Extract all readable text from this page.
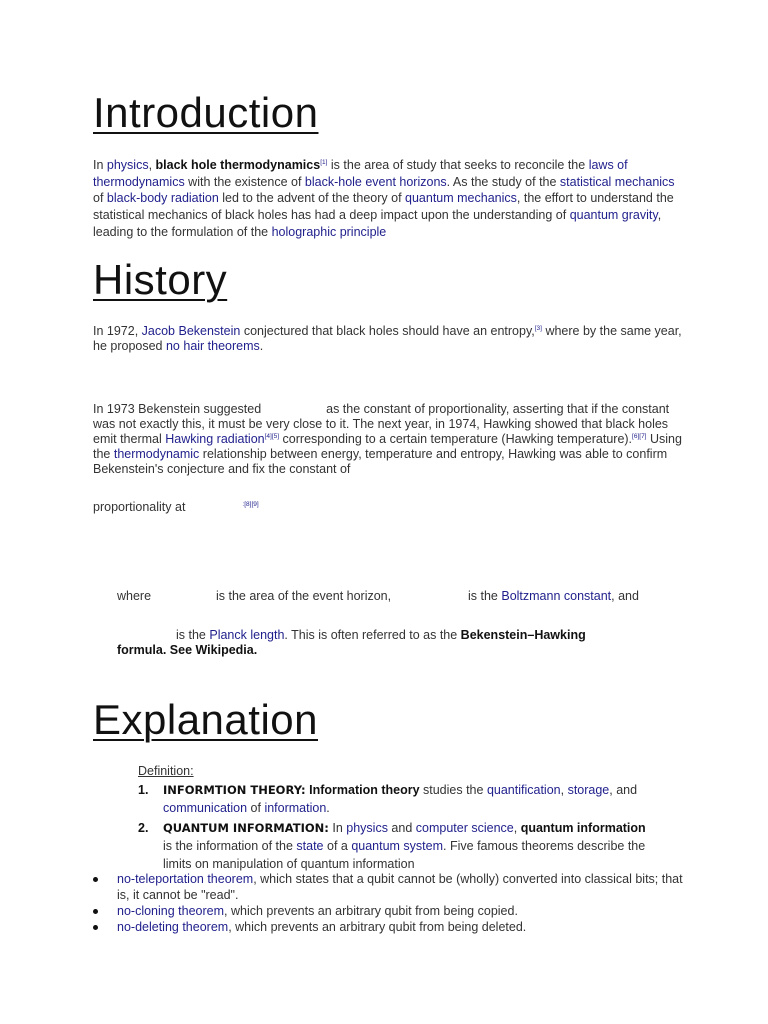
Introduction
In physics, black hole thermodynamics[1] is the area of study that seeks to reconcile the laws of thermodynamics with the existence of black-hole event horizons. As the study of the statistical mechanics of black-body radiation led to the advent of the theory of quantum mechanics, the effort to understand the statistical mechanics of black holes has had a deep impact upon the understanding of quantum gravity, leading to the formulation of the holographic principle
History
In 1972, Jacob Bekenstein conjectured that black holes should have an entropy,[3] where by the same year, he proposed no hair theorems.
In 1973 Bekenstein suggested	as the constant of proportionality, asserting that if the constant was not exactly this, it must be very close to it. The next year, in 1974, Hawking showed that black holes emit thermal Hawking radiation[4][5] corresponding to a certain temperature (Hawking temperature).[6][7] Using the thermodynamic relationship between energy, temperature and entropy, Hawking was able to confirm Bekenstein's conjecture and fix the constant of
proportionality at	$^{:[8][9]}$
where	is the area of the event horizon,	is the Boltzmann constant, and
is the Planck length. This is often referred to as the Bekenstein–Hawking formula. See Wikipedia.
Explanation
Definition:
1. INFORMTION THEORY: Information theory studies the quantification, storage, and communication of information.
2. QUANTUM INFORMATION: In physics and computer science, quantum information is the information of the state of a quantum system. Five famous theorems describe the limits on manipulation of quantum information
no-teleportation theorem, which states that a qubit cannot be (wholly) converted into classical bits; that is, it cannot be "read".
no-cloning theorem, which prevents an arbitrary qubit from being copied.
no-deleting theorem, which prevents an arbitrary qubit from being deleted.
